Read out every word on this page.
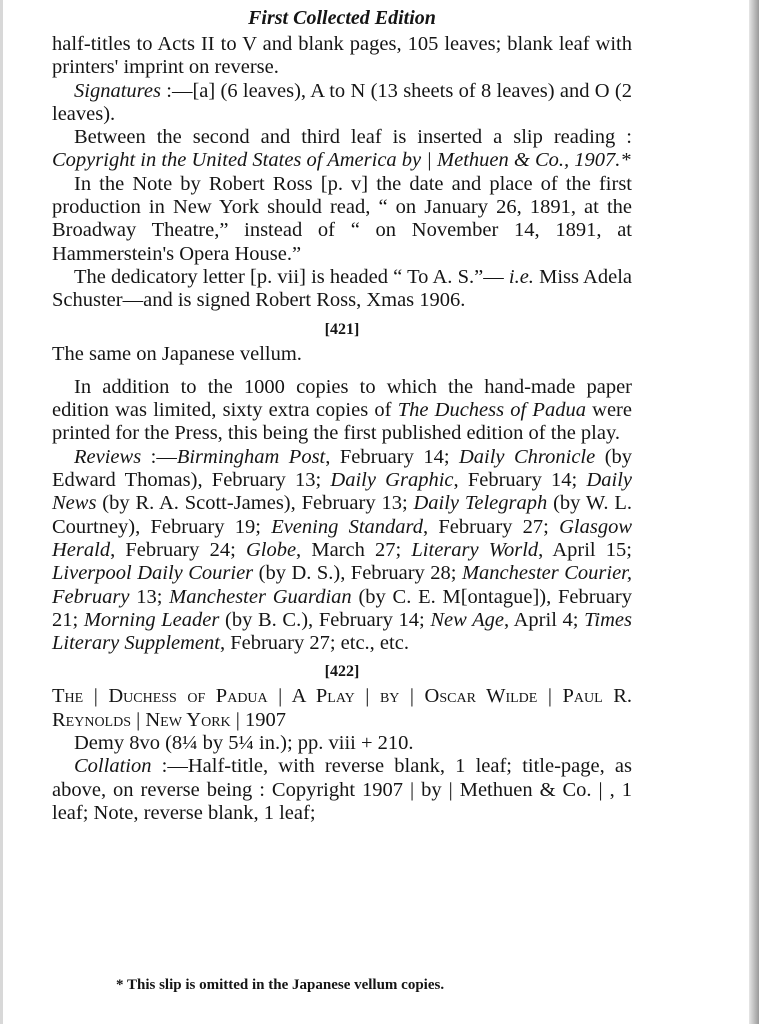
First Collected Edition

half-titles to Acts II to V and blank pages, 105 leaves; blank leaf with printers' imprint on reverse.

Signatures :—[a] (6 leaves), A to N (13 sheets of 8 leaves) and O (2 leaves).

Between the second and third leaf is inserted a slip reading : Copyright in the United States of America by | Methuen & Co., 1907.*

In the Note by Robert Ross [p. v] the date and place of the first production in New York should read, “ on January 26, 1891, at the Broadway Theatre,” instead of “ on November 14, 1891, at Hammerstein's Opera House.”

The dedicatory letter [p. vii] is headed “ To A. S.”— i.e. Miss Adela Schuster—and is signed Robert Ross, Xmas 1906.

[421]

The same on Japanese vellum.

In addition to the 1000 copies to which the hand-made paper edition was limited, sixty extra copies of The Duchess of Padua were printed for the Press, this being the first published edition of the play.

Reviews :—Birmingham Post, February 14; Daily Chronicle (by Edward Thomas), February 13; Daily Graphic, February 14; Daily News (by R. A. Scott-James), February 13; Daily Telegraph (by W. L. Courtney), February 19; Evening Standard, February 27; Glasgow Herald, February 24; Globe, March 27; Literary World, April 15; Liverpool Daily Courier (by D. S.), February 28; Manchester Courier, February 13; Manchester Guardian (by C. E. M[ontague]), February 21; Morning Leader (by B. C.), February 14; New Age, April 4; Times Literary Supplement, February 27; etc., etc.

[422]

The | Duchess of Padua | A Play | by | Oscar Wilde | Paul R. Reynolds | New York | 1907

Demy 8vo (8¼ by 5¼ in.); pp. viii + 210.

Collation :—Half-title, with reverse blank, 1 leaf; title-page, as above, on reverse being : Copyright 1907 | by | Methuen & Co. | , 1 leaf; Note, reverse blank, 1 leaf;

* This slip is omitted in the Japanese vellum copies.
